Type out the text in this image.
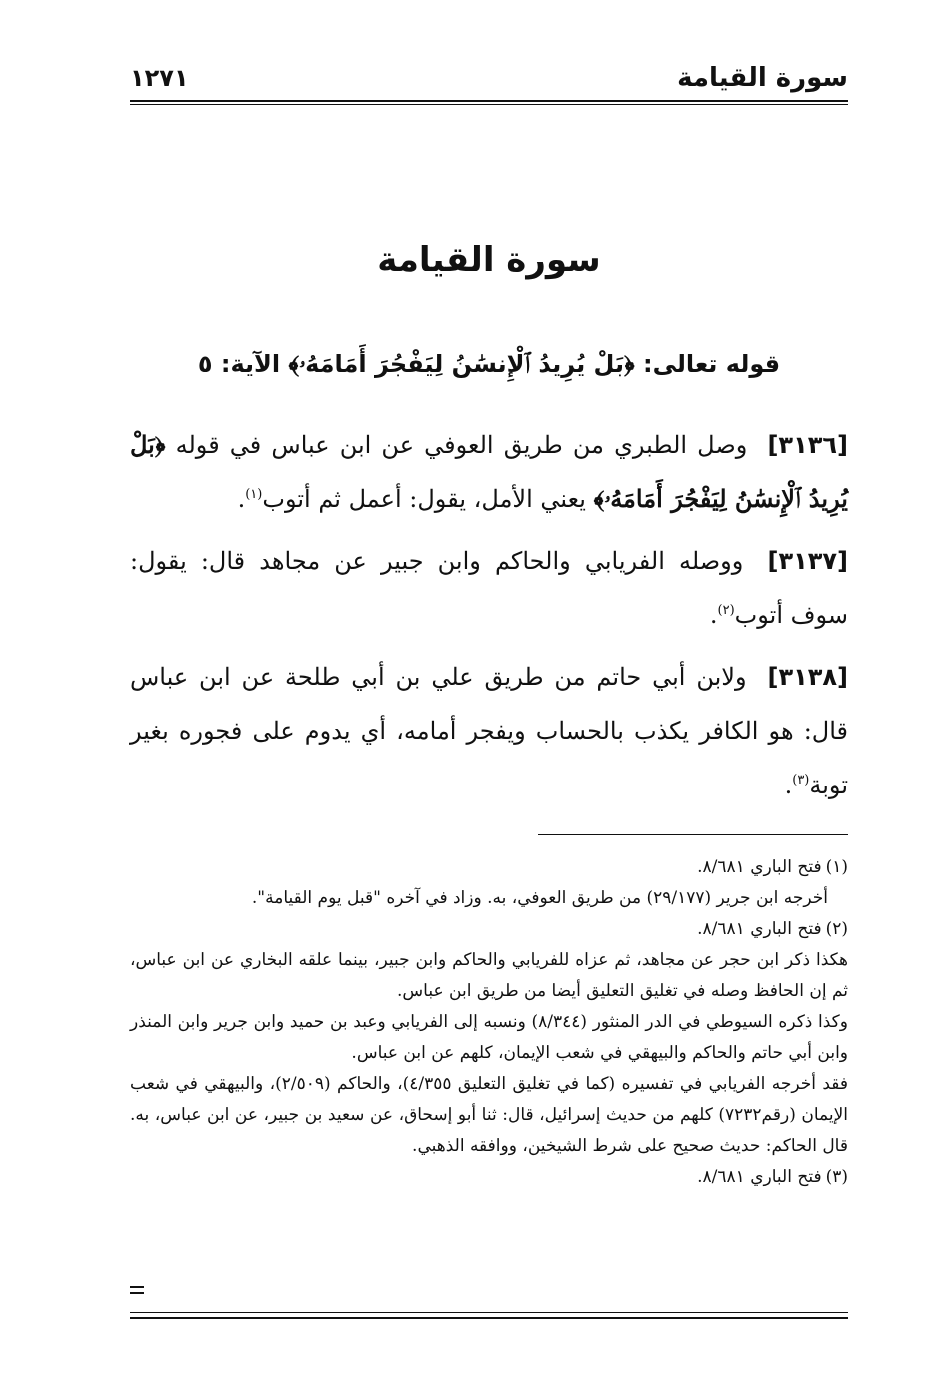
سورة القيامة
١٢٧١
سورة القيامة
قوله تعالى: ﴿بَلْ يُرِيدُ ٱلْإِنسَٰنُ لِيَفْجُرَ أَمَامَهُۥ﴾ الآية: ٥

[٣١٣٦] وصل الطبري من طريق العوفي عن ابن عباس في قوله ﴿بَلْ يُرِيدُ ٱلْإِنسَٰنُ لِيَفْجُرَ أَمَامَهُۥ﴾ يعني الأمل، يقول: أعمل ثم أتوب$^{(١)}$.

[٣١٣٧] ووصله الفريابي والحاكم وابن جبير عن مجاهد قال: يقول: سوف أتوب$^{(٢)}$.

[٣١٣٨] ولابن أبي حاتم من طريق علي بن أبي طلحة عن ابن عباس قال: هو الكافر يكذب بالحساب ويفجر أمامه، أي يدوم على فجوره بغير توبة$^{(٣)}$.

(١)فتح الباري ٨/٦٨١.

أخرجه ابن جرير (٢٩/١٧٧) من طريق العوفي، به. وزاد في آخره "قبل يوم القيامة".

(٢)فتح الباري ٨/٦٨١.

هكذا ذكر ابن حجر عن مجاهد، ثم عزاه للفريابي والحاكم وابن جبير، بينما علقه البخاري عن ابن عباس، ثم إن الحافظ وصله في تغليق التعليق أيضا من طريق ابن عباس.

وكذا ذكره السيوطي في الدر المنثور (٨/٣٤٤) ونسبه إلى الفريابي وعبد بن حميد وابن جرير وابن المنذر وابن أبي حاتم والحاكم والبيهقي في شعب الإيمان، كلهم عن ابن عباس.

فقد أخرجه الفريابي في تفسيره (كما في تغليق التعليق ٤/٣٥٥)، والحاكم (٢/٥٠٩)، والبيهقي في شعب الإيمان (رقم٧٢٣٢) كلهم من حديث إسرائيل، قال: ثنا أبو إسحاق، عن سعيد بن جبير، عن ابن عباس، به. قال الحاكم: حديث صحيح على شرط الشيخين، ووافقه الذهبي.

(٣)فتح الباري ٨/٦٨١.
